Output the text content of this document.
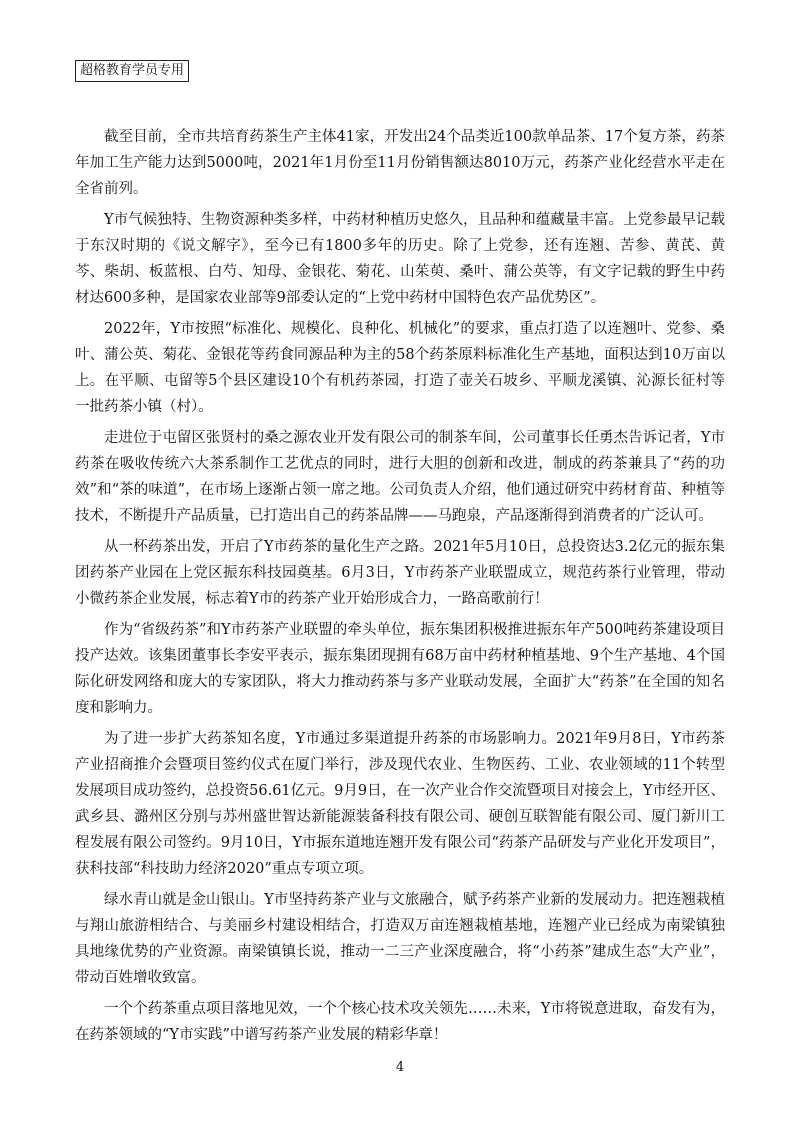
超格教育学员专用

截至目前，全市共培育药茶生产主体41家，开发出24个品类近100款单品茶、17个复方茶，药茶年加工生产能力达到5000吨，2021年1月份至11月份销售额达8010万元，药茶产业化经营水平走在全省前列。

Y市气候独特、生物资源种类多样，中药材种植历史悠久，且品种和蕴藏量丰富。上党参最早记载于东汉时期的《说文解字》，至今已有1800多年的历史。除了上党参，还有连翘、苦参、黄芪、黄芩、柴胡、板蓝根、白芍、知母、金银花、菊花、山茱萸、桑叶、蒲公英等，有文字记载的野生中药材达600多种，是国家农业部等9部委认定的“上党中药材中国特色农产品优势区”。

2022年，Y市按照“标准化、规模化、良种化、机械化”的要求，重点打造了以连翘叶、党参、桑叶、蒲公英、菊花、金银花等药食同源品种为主的58个药茶原料标准化生产基地，面积达到10万亩以上。在平顺、屯留等5个县区建设10个有机药茶园，打造了壶关石坡乡、平顺龙溪镇、沁源长征村等一批药茶小镇（村）。

走进位于屯留区张贤村的桑之源农业开发有限公司的制茶车间，公司董事长任勇杰告诉记者，Y市药茶在吸收传统六大茶系制作工艺优点的同时，进行大胆的创新和改进，制成的药茶兼具了“药的功效”和“茶的味道”，在市场上逐渐占领一席之地。公司负责人介绍，他们通过研究中药材育苗、种植等技术，不断提升产品质量，已打造出自己的药茶品牌——马跑泉，产品逐渐得到消费者的广泛认可。

从一杯药茶出发，开启了Y市药茶的量化生产之路。2021年5月10日，总投资达3.2亿元的振东集团药茶产业园在上党区振东科技园奠基。6月3日，Y市药茶产业联盟成立，规范药茶行业管理，带动小微药茶企业发展，标志着Y市的药茶产业开始形成合力，一路高歌前行！

作为“省级药茶”和Y市药茶产业联盟的牵头单位，振东集团积极推进振东年产500吨药茶建设项目投产达效。该集团董事长李安平表示，振东集团现拥有68万亩中药材种植基地、9个生产基地、4个国际化研发网络和庞大的专家团队，将大力推动药茶与多产业联动发展，全面扩大“药茶”在全国的知名度和影响力。

为了进一步扩大药茶知名度，Y市通过多渠道提升药茶的市场影响力。2021年9月8日，Y市药茶产业招商推介会暨项目签约仪式在厦门举行，涉及现代农业、生物医药、工业、农业领域的11个转型发展项目成功签约，总投资56.61亿元。9月9日，在一次产业合作交流暨项目对接会上，Y市经开区、武乡县、潞州区分别与苏州盛世智达新能源装备科技有限公司、硬创互联智能有限公司、厦门新川工程发展有限公司签约。9月10日，Y市振东道地连翘开发有限公司“药茶产品研发与产业化开发项目”，获科技部“科技助力经济2020”重点专项立项。

绿水青山就是金山银山。Y市坚持药茶产业与文旅融合，赋予药茶产业新的发展动力。把连翘栽植与翔山旅游相结合、与美丽乡村建设相结合，打造双万亩连翘栽植基地，连翘产业已经成为南梁镇独具地缘优势的产业资源。南梁镇镇长说，推动一二三产业深度融合，将“小药茶”建成生态“大产业”，带动百姓增收致富。

一个个药茶重点项目落地见效，一个个核心技术攻关领先……未来，Y市将锐意进取，奋发有为，在药茶领域的“Y市实践”中谱写药茶产业发展的精彩华章！

4
